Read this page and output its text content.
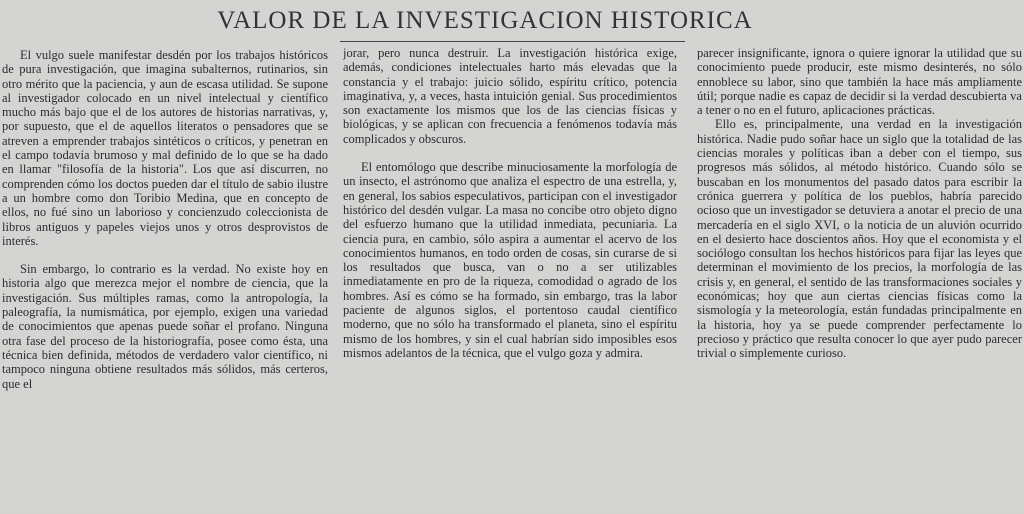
VALOR DE LA INVESTIGACION HISTORICA

El vulgo suele manifestar desdén por los trabajos históricos de pura investigación, que imagina subalternos, rutinarios, sin otro mérito que la paciencia, y aun de escasa utilidad. Se supone al investigador colocado en un nivel intelectual y científico mucho más bajo que el de los autores de historias narrativas, y, por supuesto, que el de aquellos literatos o pensadores que se atreven a emprender trabajos sintéticos o críticos, y penetran en el campo todavía brumoso y mal definido de lo que se ha dado en llamar "filosofía de la historia". Los que así discurren, no comprenden cómo los doctos pueden dar el título de sabio ilustre a un hombre como don Toribio Medina, que en concepto de ellos, no fué sino un laborioso y concienzudo coleccionista de libros antiguos y papeles viejos unos y otros desprovistos de interés.

Sin embargo, lo contrario es la verdad. No existe hoy en historia algo que merezca mejor el nombre de ciencia, que la investigación. Sus múltiples ramas, como la antropología, la paleografía, la numismática, por ejemplo, exigen una variedad de conocimientos que apenas puede soñar el profano. Ninguna otra fase del proceso de la historiografía, posee como ésta, una técnica bien definida, métodos de verdadero valor científico, ni tampoco ninguna obtiene resultados más sólidos, más certeros, que el

jorar, pero nunca destruir. La investigación histórica exige, además, condiciones intelectuales harto más elevadas que la constancia y el trabajo: juicio sólido, espíritu crítico, potencia imaginativa, y, a veces, hasta intuición genial. Sus procedimientos son exactamente los mismos que los de las ciencias físicas y biológicas, y se aplican con frecuencia a fenómenos todavía más complicados y obscuros.

El entomólogo que describe minuciosamente la morfología de un insecto, el astrónomo que analiza el espectro de una estrella, y, en general, los sabios especulativos, participan con el investigador histórico del desdén vulgar. La masa no concibe otro objeto digno del esfuerzo humano que la utilidad inmediata, pecuniaria. La ciencia pura, en cambio, sólo aspira a aumentar el acervo de los conocimientos humanos, en todo orden de cosas, sin curarse de si los resultados que busca, van o no a ser utilizables inmediatamente en pro de la riqueza, comodidad o agrado de los hombres. Así es cómo se ha formado, sin embargo, tras la labor paciente de algunos siglos, el portentoso caudal científico moderno, que no sólo ha transformado el planeta, sino el espíritu mismo de los hombres, y sin el cual habrían sido imposibles esos mismos adelantos de la técnica, que el vulgo goza y admira.

parecer insignificante, ignora o quiere ignorar la utilidad que su conocimiento puede producir, este mismo desinterés, no sólo ennoblece su labor, sino que también la hace más ampliamente útil; porque nadie es capaz de decidir si la verdad descubierta va a tener o no en el futuro, aplicaciones prácticas.

Ello es, principalmente, una verdad en la investigación histórica. Nadie pudo soñar hace un siglo que la totalidad de las ciencias morales y políticas iban a deber con el tiempo, sus progresos más sólidos, al método histórico. Cuando sólo se buscaban en los monumentos del pasado datos para escribir la crónica guerrera y política de los pueblos, habría parecido ocioso que un investigador se detuviera a anotar el precio de una mercadería en el siglo XVI, o la noticia de un aluvión ocurrido en el desierto hace doscientos años. Hoy que el economista y el sociólogo consultan los hechos históricos para fijar las leyes que determinan el movimiento de los precios, la morfología de las crisis y, en general, el sentido de las transformaciones sociales y económicas; hoy que aun ciertas ciencias físicas como la sismología y la meteorología, están fundadas principalmente en la historia, hoy ya se puede comprender perfectamente lo precioso y práctico que resulta conocer lo que ayer pudo parecer trivial o simplemente curioso.
